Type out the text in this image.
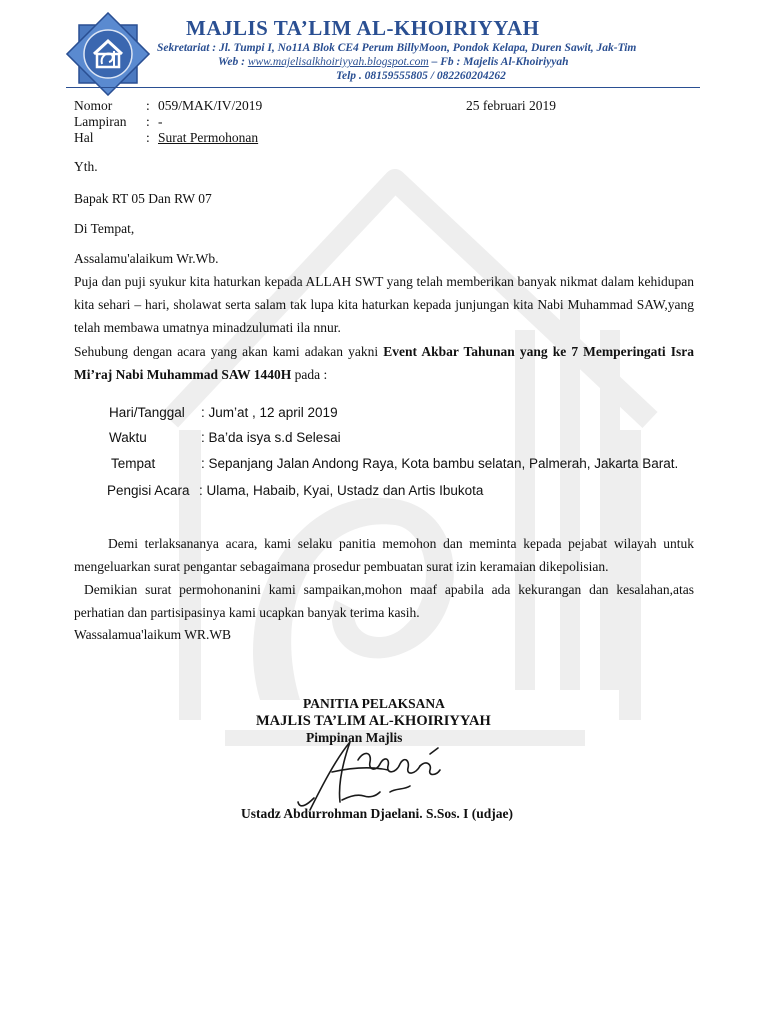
MAJLIS TA’LIM AL-KHOIRIYYAH
Sekretariat : Jl. Tumpi I, No11A Blok CE4 Perum BillyMoon, Pondok Kelapa, Duren Sawit, Jak-Tim
Web : www.majelisalkhoiriyyah.blogspot.com – Fb : Majelis Al-Khoiriyyah
Telp . 08159555805 / 082260204262
Nomor	: 059/MAK/IV/2019	25 februari 2019
Lampiran : -
Hal	: Surat Permohonan
Yth.
Bapak RT 05 Dan RW 07
Di Tempat,
Assalamu'alaikum Wr.Wb.
Puja dan puji syukur kita haturkan kepada ALLAH SWT yang telah memberikan banyak nikmat dalam kehidupan kita sehari – hari, sholawat serta salam tak lupa kita haturkan kepada junjungan kita Nabi Muhammad SAW,yang telah membawa umatnya minadzulumati ila nnur.
Sehubung dengan acara yang akan kami adakan yakni Event Akbar Tahunan yang ke 7 Memperingati Isra Mi’raj Nabi Muhammad SAW 1440H pada :
Hari/Tanggal : Jum’at , 12 april 2019
Waktu	: Ba’da isya s.d Selesai
Tempat	: Sepanjang Jalan Andong Raya, Kota bambu selatan, Palmerah, Jakarta Barat.
Pengisi Acara : Ulama, Habaib, Kyai, Ustadz dan Artis Ibukota
Demi terlaksananya acara, kami selaku panitia memohon dan meminta kepada pejabat wilayah untuk mengeluarkan surat pengantar sebagaimana prosedur pembuatan surat izin keramaian dikepolisian.
Demikian surat permohonanini kami sampaikan,mohon maaf apabila ada kekurangan dan kesalahan,atas perhatian dan partisipasinya kami ucapkan banyak terima kasih.
Wassalamua'laikum WR.WB
PANITIA PELAKSANA
MAJLIS TA’LIM AL-KHOIRIYYAH
Pimpinan Majlis
Ustadz Abdurrohman Djaelani. S.Sos. I (udjae)
